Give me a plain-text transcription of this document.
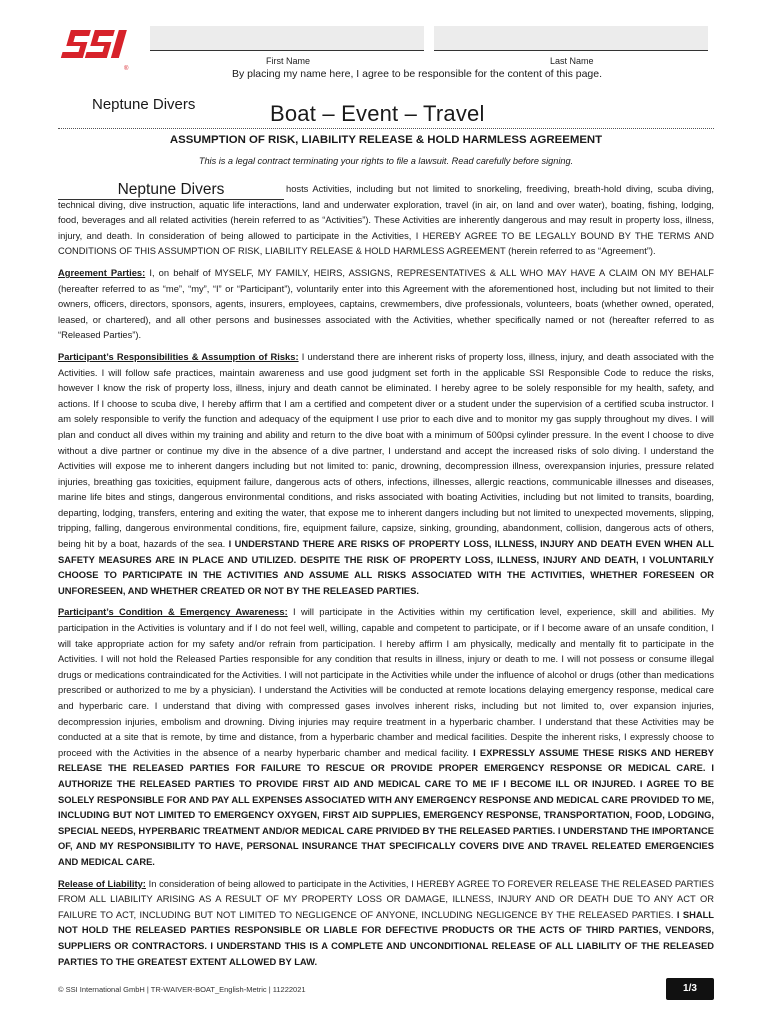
®
First Name	Last Name
By placing my name here, I agree to be responsible for the content of this page.
Neptune Divers	Boat – Event – Travel
ASSUMPTION OF RISK, LIABILITY RELEASE & HOLD HARMLESS AGREEMENT
This is a legal contract terminating your rights to file a lawsuit. Read carefully before signing.
Neptune Divers	hosts Activities, including but not limited to snorkeling, freediving, breath-hold diving, scuba diving, technical diving, dive instruction, aquatic life interactions, land and underwater exploration, travel (in air, on land and over water), boating, fishing, lodging, food, beverages and all related activities (herein referred to as “Activities”). These Activities are inherently dangerous and may result in property loss, illness, injury, and death. In consideration of being allowed to participate in the Activities, I HEREBY AGREE TO BE LEGALLY BOUND BY THE TERMS AND CONDITIONS OF THIS ASSUMPTION OF RISK, LIABILITY RELEASE & HOLD HARMLESS AGREEMENT (herein referred to as “Agreement”).

Agreement Parties: I, on behalf of MYSELF, MY FAMILY, HEIRS, ASSIGNS, REPRESENTATIVES & ALL WHO MAY HAVE A CLAIM ON MY BEHALF (hereafter referred to as “me”, “my”, “I” or “Participant”), voluntarily enter into this Agreement with the aforementioned host, including but not limited to their owners, officers, directors, sponsors, agents, insurers, employees, captains, crewmembers, dive professionals, volunteers, boats (whether owned, operated, leased, or chartered), and all other persons and businesses associated with the Activities, whether specifically named or not (hereafter referred to as “Released Parties”).

Participant’s Responsibilities & Assumption of Risks: I understand there are inherent risks of property loss, illness, injury, and death associated with the Activities. I will follow safe practices, maintain awareness and use good judgment set forth in the applicable SSI Responsible Code to reduce the risks, however I know the risk of property loss, illness, injury and death cannot be eliminated. I hereby agree to be solely responsible for my health, safety, and actions. If I choose to scuba dive, I hereby affirm that I am a certified and competent diver or a student under the supervision of a certified scuba instructor. I am solely responsible to verify the function and adequacy of the equipment I use prior to each dive and to monitor my gas supply throughout my dives. I will plan and conduct all dives within my training and ability and return to the dive boat with a minimum of 500psi cylinder pressure. In the event I choose to dive without a dive partner or continue my dive in the absence of a dive partner, I understand and accept the increased risks of solo diving. I understand the Activities will expose me to inherent dangers including but not limited to: panic, drowning, decompression illness, overexpansion injuries, pressure related injuries, breathing gas toxicities, equipment failure, dangerous acts of others, infections, illnesses, allergic reactions, communicable illnesses and diseases, marine life bites and stings, dangerous environmental conditions, and risks associated with boating Activities, including but not limited to transits, boarding, departing, lodging, transfers, entering and exiting the water, that expose me to inherent dangers including but not limited to unexpected movements, slipping, tripping, falling, dangerous environmental conditions, fire, equipment failure, capsize, sinking, grounding, abandonment, collision, dangerous acts of others, being hit by a boat, hazards of the sea. I UNDERSTAND THERE ARE RISKS OF PROPERTY LOSS, ILLNESS, INJURY AND DEATH EVEN WHEN ALL SAFETY MEASURES ARE IN PLACE AND UTILIZED. DESPITE THE RISK OF PROPERTY LOSS, ILLNESS, INJURY AND DEATH, I VOLUNTARILY CHOOSE TO PARTICIPATE IN THE ACTIVITIES AND ASSUME ALL RISKS ASSOCIATED WITH THE ACTIVITIES, WHETHER FORESEEN OR UNFORESEEN, AND WHETHER CREATED OR NOT BY THE RELEASED PARTIES.

Participant’s Condition & Emergency Awareness: I will participate in the Activities within my certification level, experience, skill and abilities. My participation in the Activities is voluntary and if I do not feel well, willing, capable and competent to participate, or if I become aware of an unsafe condition, I will take appropriate action for my safety and/or refrain from participation. I hereby affirm I am physically, medically and mentally fit to participate in the Activities. I will not hold the Released Parties responsible for any condition that results in illness, injury or death to me. I will not possess or consume illegal drugs or medications contraindicated for the Activities. I will not participate in the Activities while under the influence of alcohol or drugs (other than medications prescribed or authorized to me by a physician). I understand the Activities will be conducted at remote locations delaying emergency response, medical care and hyperbaric care. I understand that diving with compressed gases involves inherent risks, including but not limited to, over expansion injuries, decompression injuries, embolism and drowning. Diving injuries may require treatment in a hyperbaric chamber. I understand that these Activities may be conducted at a site that is remote, by time and distance, from a hyperbaric chamber and medical facilities. Despite the inherent risks, I expressly choose to proceed with the Activities in the absence of a nearby hyperbaric chamber and medical facility. I EXPRESSLY ASSUME THESE RISKS AND HEREBY RELEASE THE RELEASED PARTIES FOR FAILURE TO RESCUE OR PROVIDE PROPER EMERGENCY RESPONSE OR MEDICAL CARE. I AUTHORIZE THE RELEASED PARTIES TO PROVIDE FIRST AID AND MEDICAL CARE TO ME IF I BECOME ILL OR INJURED. I AGREE TO BE SOLELY RESPONSIBLE FOR AND PAY ALL EXPENSES ASSOCIATED WITH ANY EMERGENCY RESPONSE AND MEDICAL CARE PROVIDED TO ME, INCLUDING BUT NOT LIMITED TO EMERGENCY OXYGEN, FIRST AID SUPPLIES, EMERGENCY RESPONSE, TRANSPORTATION, FOOD, LODGING, SPECIAL NEEDS, HYPERBARIC TREATMENT AND/OR MEDICAL CARE PRIVIDED BY THE RELEASED PARTIES. I UNDERSTAND THE IMPORTANCE OF, AND MY RESPONSIBILITY TO HAVE, PERSONAL INSURANCE THAT SPECIFICALLY COVERS DIVE AND TRAVEL RELEATED EMERGENCIES AND MEDICAL CARE.

Release of Liability: In consideration of being allowed to participate in the Activities, I HEREBY AGREE TO FOREVER RELEASE THE RELEASED PARTIES FROM ALL LIABILITY ARISING AS A RESULT OF MY PROPERTY LOSS OR DAMAGE, ILLNESS, INJURY AND OR DEATH DUE TO ANY ACT OR FAILURE TO ACT, INCLUDING BUT NOT LIMITED TO NEGLIGENCE OF ANYONE, INCLUDING NEGLIGENCE BY THE RELEASED PARTIES. I SHALL NOT HOLD THE RELEASED PARTIES RESPONSIBLE OR LIABLE FOR DEFECTIVE PRODUCTS OR THE ACTS OF THIRD PARTIES, VENDORS, SUPPLIERS OR CONTRACTORS. I UNDERSTAND THIS IS A COMPLETE AND UNCONDITIONAL RELEASE OF ALL LIABILITY OF THE RELEASED PARTIES TO THE GREATEST EXTENT ALLOWED BY LAW.

© SSI International GmbH | TR-WAIVER-BOAT_English-Metric | 11222021	1/3
